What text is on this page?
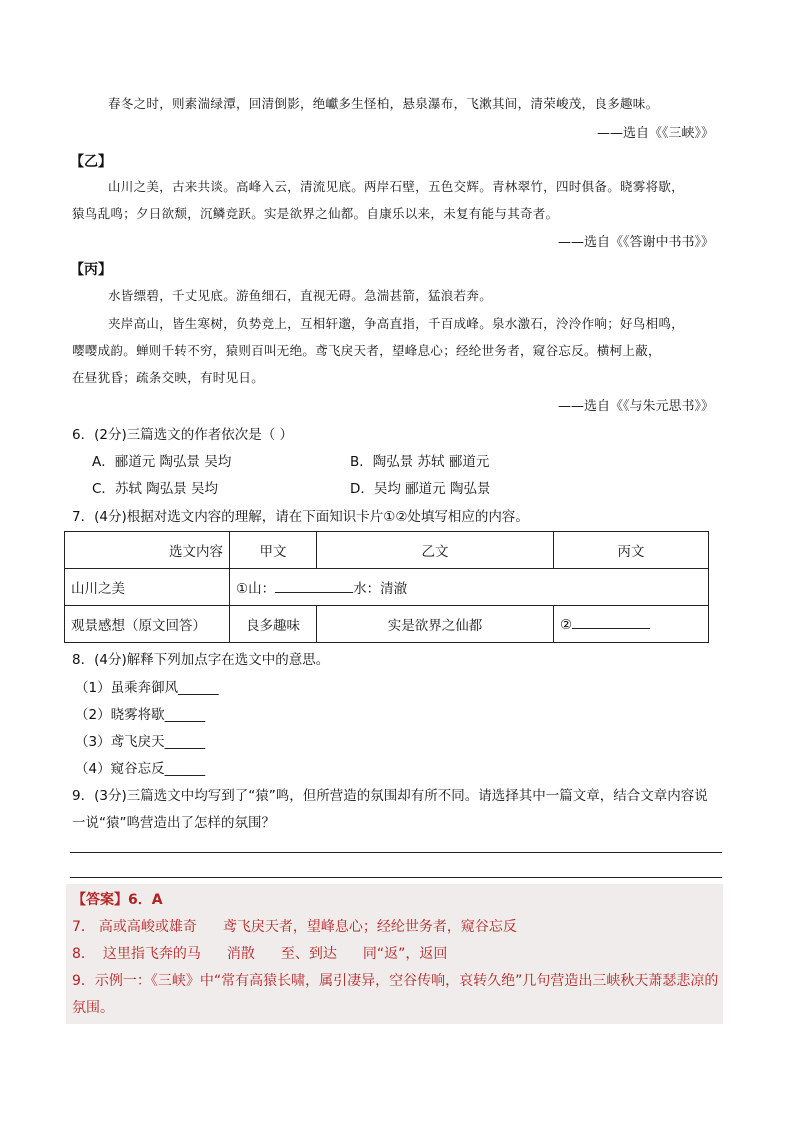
春冬之时，则素湍绿潭，回清倒影，绝巘多生怪柏，悬泉瀑布，飞漱其间，清荣峻茂，良多趣味。
——选自《《三峡》》
【乙】
山川之美，古来共谈。高峰入云，清流见底。两岸石壁，五色交辉。青林翠竹，四时俱备。晓雾将歇，
猿鸟乱鸣；夕日欲颓，沉鳞竞跃。实是欲界之仙都。自康乐以来，未复有能与其奇者。
——选自《《答谢中书书》》
【丙】
水皆缥碧，千丈见底。游鱼细石，直视无碍。急湍甚箭，猛浪若奔。
夹岸高山，皆生寒树，负势竞上，互相轩邈，争高直指，千百成峰。泉水激石，泠泠作响；好鸟相鸣，
嘤嘤成韵。蝉则千转不穷，猿则百叫无绝。鸢飞戾天者，望峰息心；经纶世务者，窥谷忘反。横柯上蔽，
在昼犹昏；疏条交映，有时见日。
——选自《《与朱元思书》》
6．(2分)三篇选文的作者依次是（ ）
A．郦道元 陶弘景 吴均	B．陶弘景 苏轼 郦道元
C．苏轼 陶弘景 吴均	D．吴均 郦道元 陶弘景
7．(4分)根据对选文内容的理解，请在下面知识卡片①②处填写相应的内容。
选文内容	甲文	乙文	丙文
山川之美	①山： 水：清澈		
观景感想（原文回答）	良多趣味	实是欲界之仙都	②
8．(4分)解释下列加点字在选文中的意思。
（1）虽乘奔御风______
（2）晓雾将歇______
（3）鸢飞戾天______
（4）窥谷忘反______
9．(3分)三篇选文中均写到了“猿”鸣，但所营造的氛围却有所不同。请选择其中一篇文章，结合文章内容说
一说“猿”鸣营造出了怎样的氛围？
【答案】6．A
7． 高或高峻或雄奇 鸢飞戾天者，望峰息心；经纶世务者，窥谷忘反
8． 这里指飞奔的马 消散 至、到达 同“返”，返回
9．示例一：《三峡》中“常有高猿长啸，属引凄异，空谷传响，哀转久绝”几句营造出三峡秋天萧瑟悲凉的
氛围。
